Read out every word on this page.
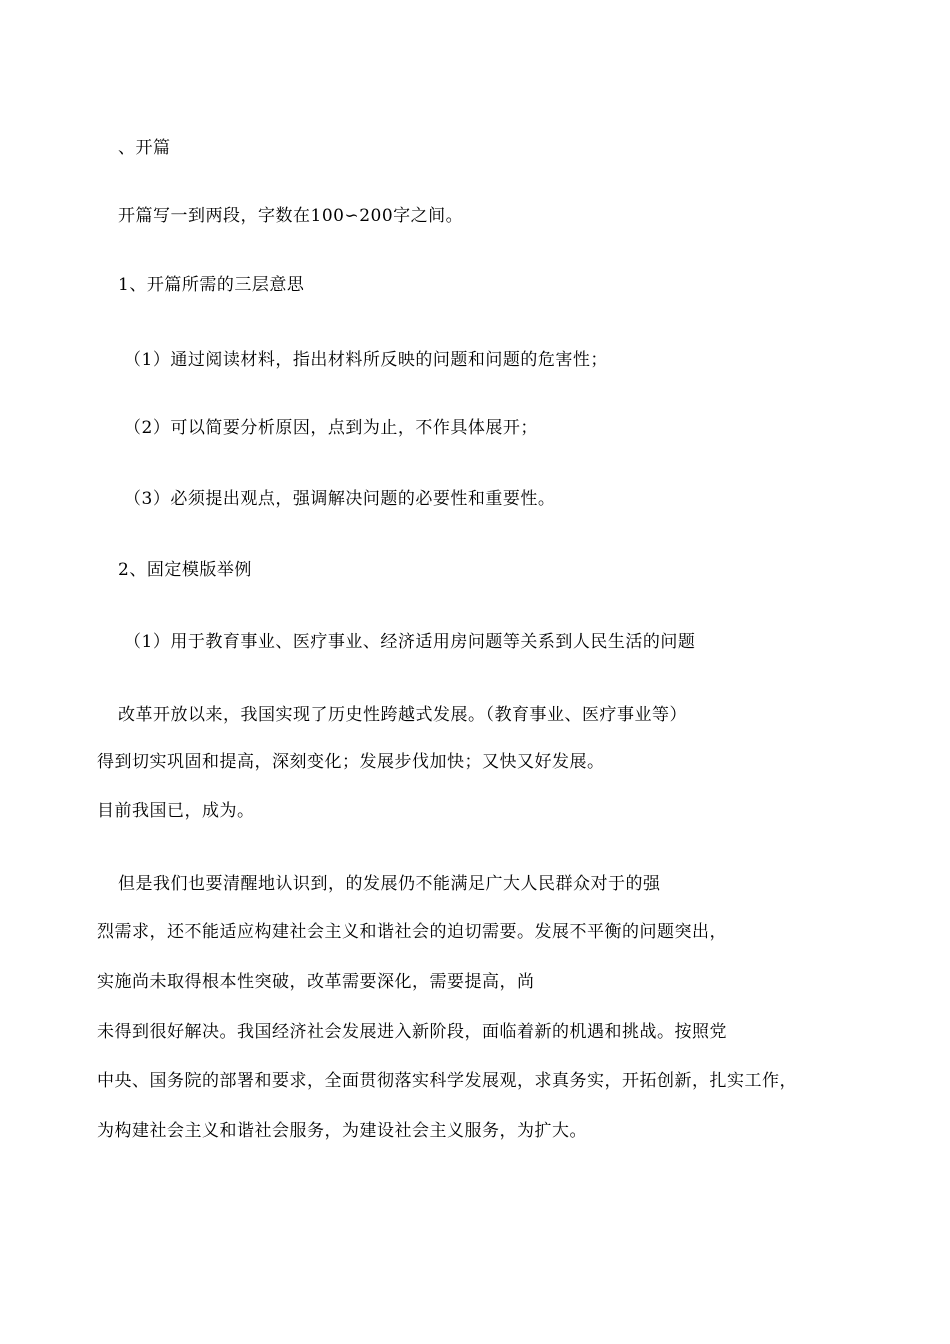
、开篇
开篇写一到两段，字数在100∽200字之间。
1、开篇所需的三层意思
（1）通过阅读材料，指出材料所反映的问题和问题的危害性；
（2）可以简要分析原因，点到为止，不作具体展开；
（3）必须提出观点，强调解决问题的必要性和重要性。
2、固定模版举例
（1）用于教育事业、医疗事业、经济适用房问题等关系到人民生活的问题
改革开放以来，我国实现了历史性跨越式发展。（教育事业、医疗事业等）
得到切实巩固和提高，深刻变化；发展步伐加快；又快又好发展。
目前我国已，成为。
但是我们也要清醒地认识到，的发展仍不能满足广大人民群众对于的强
烈需求，还不能适应构建社会主义和谐社会的迫切需要。发展不平衡的问题突出，
实施尚未取得根本性突破，改革需要深化，需要提高，尚
未得到很好解决。我国经济社会发展进入新阶段，面临着新的机遇和挑战。按照党
中央、国务院的部署和要求，全面贯彻落实科学发展观，求真务实，开拓创新，扎实工作，
为构建社会主义和谐社会服务，为建设社会主义服务，为扩大。
